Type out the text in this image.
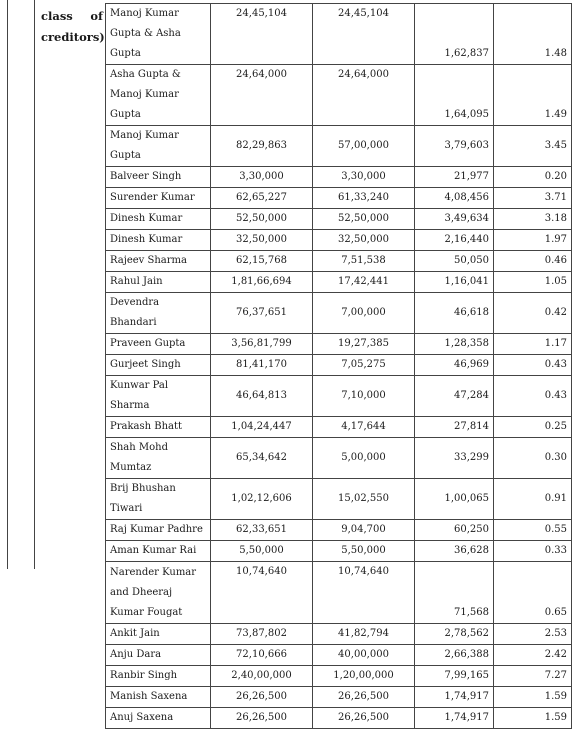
class of
creditors)
Manoj Kumar Gupta & Asha Gupta	24,45,104	24,45,104	1,62,837	1.48
Asha Gupta & Manoj Kumar Gupta	24,64,000	24,64,000	1,64,095	1.49
Manoj Kumar Gupta	82,29,863	57,00,000	3,79,603	3.45
Balveer Singh	3,30,000	3,30,000	21,977	0.20
Surender Kumar	62,65,227	61,33,240	4,08,456	3.71
Dinesh Kumar	52,50,000	52,50,000	3,49,634	3.18
Dinesh Kumar	32,50,000	32,50,000	2,16,440	1.97
Rajeev Sharma	62,15,768	7,51,538	50,050	0.46
Rahul Jain	1,81,66,694	17,42,441	1,16,041	1.05
Devendra Bhandari	76,37,651	7,00,000	46,618	0.42
Praveen Gupta	3,56,81,799	19,27,385	1,28,358	1.17
Gurjeet Singh	81,41,170	7,05,275	46,969	0.43
Kunwar Pal Sharma	46,64,813	7,10,000	47,284	0.43
Prakash Bhatt	1,04,24,447	4,17,644	27,814	0.25
Shah Mohd Mumtaz	65,34,642	5,00,000	33,299	0.30
Brij Bhushan Tiwari	1,02,12,606	15,02,550	1,00,065	0.91
Raj Kumar Padhre	62,33,651	9,04,700	60,250	0.55
Aman Kumar Rai	5,50,000	5,50,000	36,628	0.33
Narender Kumar and Dheeraj Kumar Fougat	10,74,640	10,74,640	71,568	0.65
Ankit Jain	73,87,802	41,82,794	2,78,562	2.53
Anju Dara	72,10,666	40,00,000	2,66,388	2.42
Ranbir Singh	2,40,00,000	1,20,00,000	7,99,165	7.27
Manish Saxena	26,26,500	26,26,500	1,74,917	1.59
Anuj Saxena	26,26,500	26,26,500	1,74,917	1.59
